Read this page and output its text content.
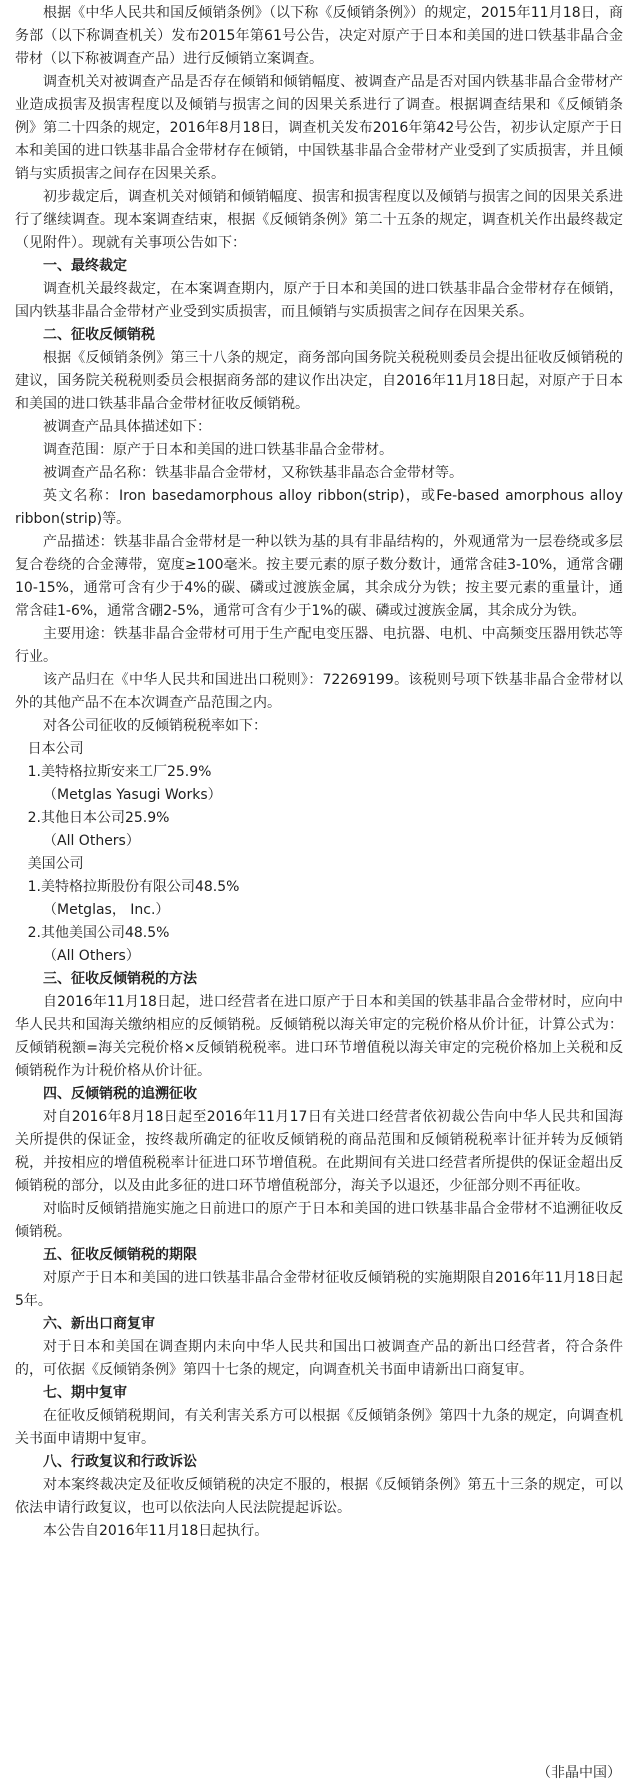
根据《中华人民共和国反倾销条例》（以下称《反倾销条例》）的规定，2015年11月18日，商务部（以下称调查机关）发布2015年第61号公告，决定对原产于日本和美国的进口铁基非晶合金带材（以下称被调查产品）进行反倾销立案调查。

调查机关对被调查产品是否存在倾销和倾销幅度、被调查产品是否对国内铁基非晶合金带材产业造成损害及损害程度以及倾销与损害之间的因果关系进行了调查。根据调查结果和《反倾销条例》第二十四条的规定，2016年8月18日，调查机关发布2016年第42号公告，初步认定原产于日本和美国的进口铁基非晶合金带材存在倾销，中国铁基非晶合金带材产业受到了实质损害，并且倾销与实质损害之间存在因果关系。

初步裁定后，调查机关对倾销和倾销幅度、损害和损害程度以及倾销与损害之间的因果关系进行了继续调查。现本案调查结束，根据《反倾销条例》第二十五条的规定，调查机关作出最终裁定（见附件）。现就有关事项公告如下：

一、最终裁定

调查机关最终裁定，在本案调查期内，原产于日本和美国的进口铁基非晶合金带材存在倾销，国内铁基非晶合金带材产业受到实质损害，而且倾销与实质损害之间存在因果关系。

二、征收反倾销税

根据《反倾销条例》第三十八条的规定，商务部向国务院关税税则委员会提出征收反倾销税的建议，国务院关税税则委员会根据商务部的建议作出决定，自2016年11月18日起，对原产于日本和美国的进口铁基非晶合金带材征收反倾销税。

被调查产品具体描述如下：

调查范围：原产于日本和美国的进口铁基非晶合金带材。

被调查产品名称：铁基非晶合金带材，又称铁基非晶态合金带材等。

英文名称：Iron basedamorphous alloy ribbon(strip)，或Fe-based amorphous alloy ribbon(strip)等。

产品描述：铁基非晶合金带材是一种以铁为基的具有非晶结构的，外观通常为一层卷绕或多层复合卷绕的合金薄带，宽度≥100毫米。按主要元素的原子数分数计，通常含硅3-10%，通常含硼10-15%，通常可含有少于4%的碳、磷或过渡族金属，其余成分为铁；按主要元素的重量计，通常含硅1-6%，通常含硼2-5%，通常可含有少于1%的碳、磷或过渡族金属，其余成分为铁。

主要用途：铁基非晶合金带材可用于生产配电变压器、电抗器、电机、中高频变压器用铁芯等行业。

该产品归在《中华人民共和国进出口税则》：72269199。该税则号项下铁基非晶合金带材以外的其他产品不在本次调查产品范围之内。

对各公司征收的反倾销税税率如下：

日本公司

1.美特格拉斯安来工厂25.9%

（Metglas Yasugi Works）

2.其他日本公司25.9%

（All Others）

美国公司

1.美特格拉斯股份有限公司48.5%

（Metglas， Inc.）

2.其他美国公司48.5%

（All Others）

三、征收反倾销税的方法

自2016年11月18日起，进口经营者在进口原产于日本和美国的铁基非晶合金带材时，应向中华人民共和国海关缴纳相应的反倾销税。反倾销税以海关审定的完税价格从价计征，计算公式为：反倾销税额=海关完税价格×反倾销税税率。进口环节增值税以海关审定的完税价格加上关税和反倾销税作为计税价格从价计征。

四、反倾销税的追溯征收

对自2016年8月18日起至2016年11月17日有关进口经营者依初裁公告向中华人民共和国海关所提供的保证金，按终裁所确定的征收反倾销税的商品范围和反倾销税税率计征并转为反倾销税，并按相应的增值税税率计征进口环节增值税。在此期间有关进口经营者所提供的保证金超出反倾销税的部分，以及由此多征的进口环节增值税部分，海关予以退还，少征部分则不再征收。

对临时反倾销措施实施之日前进口的原产于日本和美国的进口铁基非晶合金带材不追溯征收反倾销税。

五、征收反倾销税的期限

对原产于日本和美国的进口铁基非晶合金带材征收反倾销税的实施期限自2016年11月18日起5年。

六、新出口商复审

对于日本和美国在调查期内未向中华人民共和国出口被调查产品的新出口经营者，符合条件的，可依据《反倾销条例》第四十七条的规定，向调查机关书面申请新出口商复审。

七、期中复审

在征收反倾销税期间，有关利害关系方可以根据《反倾销条例》第四十九条的规定，向调查机关书面申请期中复审。

八、行政复议和行政诉讼

对本案终裁决定及征收反倾销税的决定不服的，根据《反倾销条例》第五十三条的规定，可以依法申请行政复议，也可以依法向人民法院提起诉讼。

本公告自2016年11月18日起执行。

（非晶中国）
